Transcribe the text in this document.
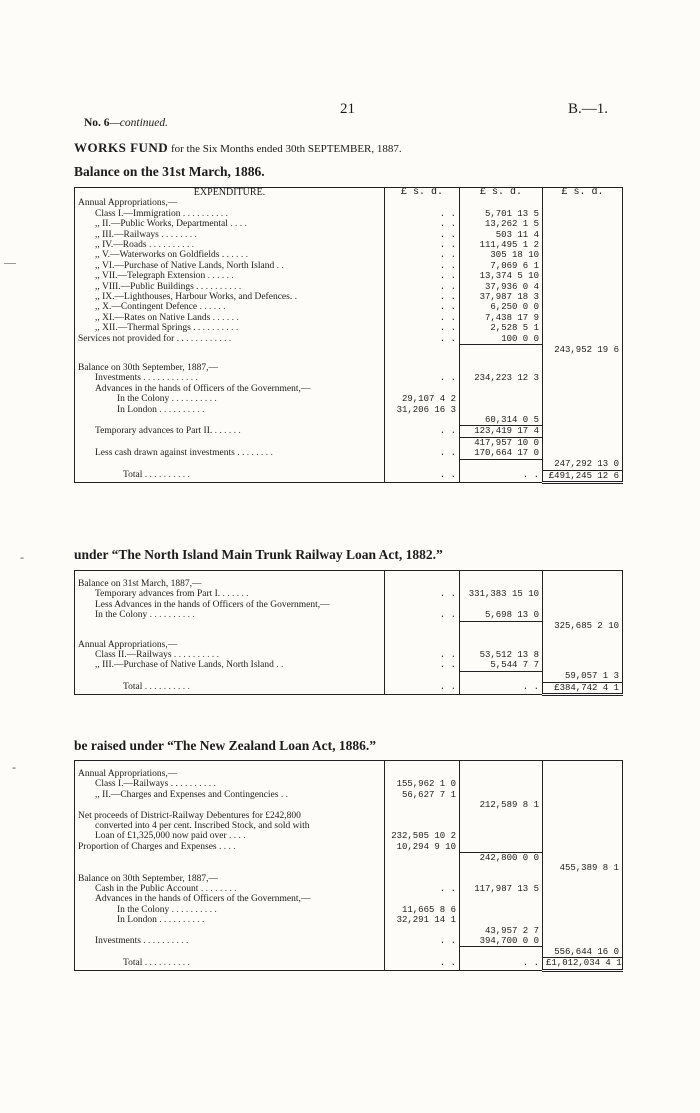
21	B.—1.
No. 6—continued.
WORKS FUND for the Six Months ended 30th SEPTEMBER, 1887.
Balance on the 31st March, 1886.
EXPENDITURE.	£ s. d.	£ s. d.	£ s. d.
Annual Appropriations,—			
Class I.—Immigration . . . . . . . . . .	. .	5,701 13 5	
,, II.—Public Works, Departmental . . . .	. .	13,262 1 5	
,, III.—Railways . . . . . . . .	. .	503 11 4	
,, IV.—Roads . . . . . . . . . .	. .	111,495 1 2	
,, V.—Waterworks on Goldfields . . . . . .	. .	305 18 10	
,, VI.—Purchase of Native Lands, North Island . .	. .	7,069 6 1	
,, VII.—Telegraph Extension . . . . . .	. .	13,374 5 10	
,, VIII.—Public Buildings . . . . . . . . . .	. .	37,936 0 4	
,, IX.—Lighthouses, Harbour Works, and Defences. .	. .	37,987 18 3	
,, X.—Contingent Defence . . . . . .	. .	6,250 0 0	
,, XI.—Rates on Native Lands . . . . . .	. .	7,438 17 9	
,, XII.—Thermal Springs . . . . . . . . . .	. .	2,528 5 1	
Services not provided for . . . . . . . . . . . .	. .	100 0 0	
			243,952 19 6

Balance on 30th September, 1887,—			
Investments . . . . . . . . . . . .	. .	234,223 12 3	
Advances in the hands of Officers of the Government,—			
In the Colony . . . . . . . . . .	29,107 4 2		
In London . . . . . . . . . .	31,206 16 3		
		60,314 0 5	
Temporary advances to Part II. . . . . . .	. .	123,419 17 4	
		417,957 10 0	
Less cash drawn against investments . . . . . . . .	. .	170,664 17 0	
			247,292 13 0
Total . . . . . . . . . .	. .	. .	£491,245 12 6
under “The North Island Main Trunk Railway Loan Act, 1882.”

Balance on 31st March, 1887,—			
Temporary advances from Part I. . . . . . .	. .	331,383 15 10	
Less Advances in the hands of Officers of the Government,—			
In the Colony . . . . . . . . . .	. .	5,698 13 0	
			325,685 2 10

Annual Appropriations,—			
Class II.—Railways . . . . . . . . . .	. .	53,512 13 8	
,, III.—Purchase of Native Lands, North Island . .	. .	5,544 7 7	
			59,057 1 3
Total . . . . . . . . . .	. .	. .	£384,742 4 1
be raised under “The New Zealand Loan Act, 1886.”

Annual Appropriations,—			
Class I.—Railways . . . . . . . . . .	155,962 1 0		
,, II.—Charges and Expenses and Contingencies . .	56,627 7 1		
		212,589 8 1	
Net proceeds of District-Railway Debentures for £242,800			
converted into 4 per cent. Inscribed Stock, and sold with			
Loan of £1,325,000 now paid over . . . .	232,505 10 2		
Proportion of Charges and Expenses . . . .	10,294 9 10		
		242,800 0 0	
			455,389 8 1
Balance on 30th September, 1887,—			
Cash in the Public Account . . . . . . . .	. .	117,987 13 5	
Advances in the hands of Officers of the Government,—			
In the Colony . . . . . . . . . .	11,665 8 6		
In London . . . . . . . . . .	32,291 14 1		
		43,957 2 7	
Investments . . . . . . . . . .	. .	394,700 0 0	
			556,644 16 0
Total . . . . . . . . . .	. .	. .	£1,012,034 4 1
—
-
-
